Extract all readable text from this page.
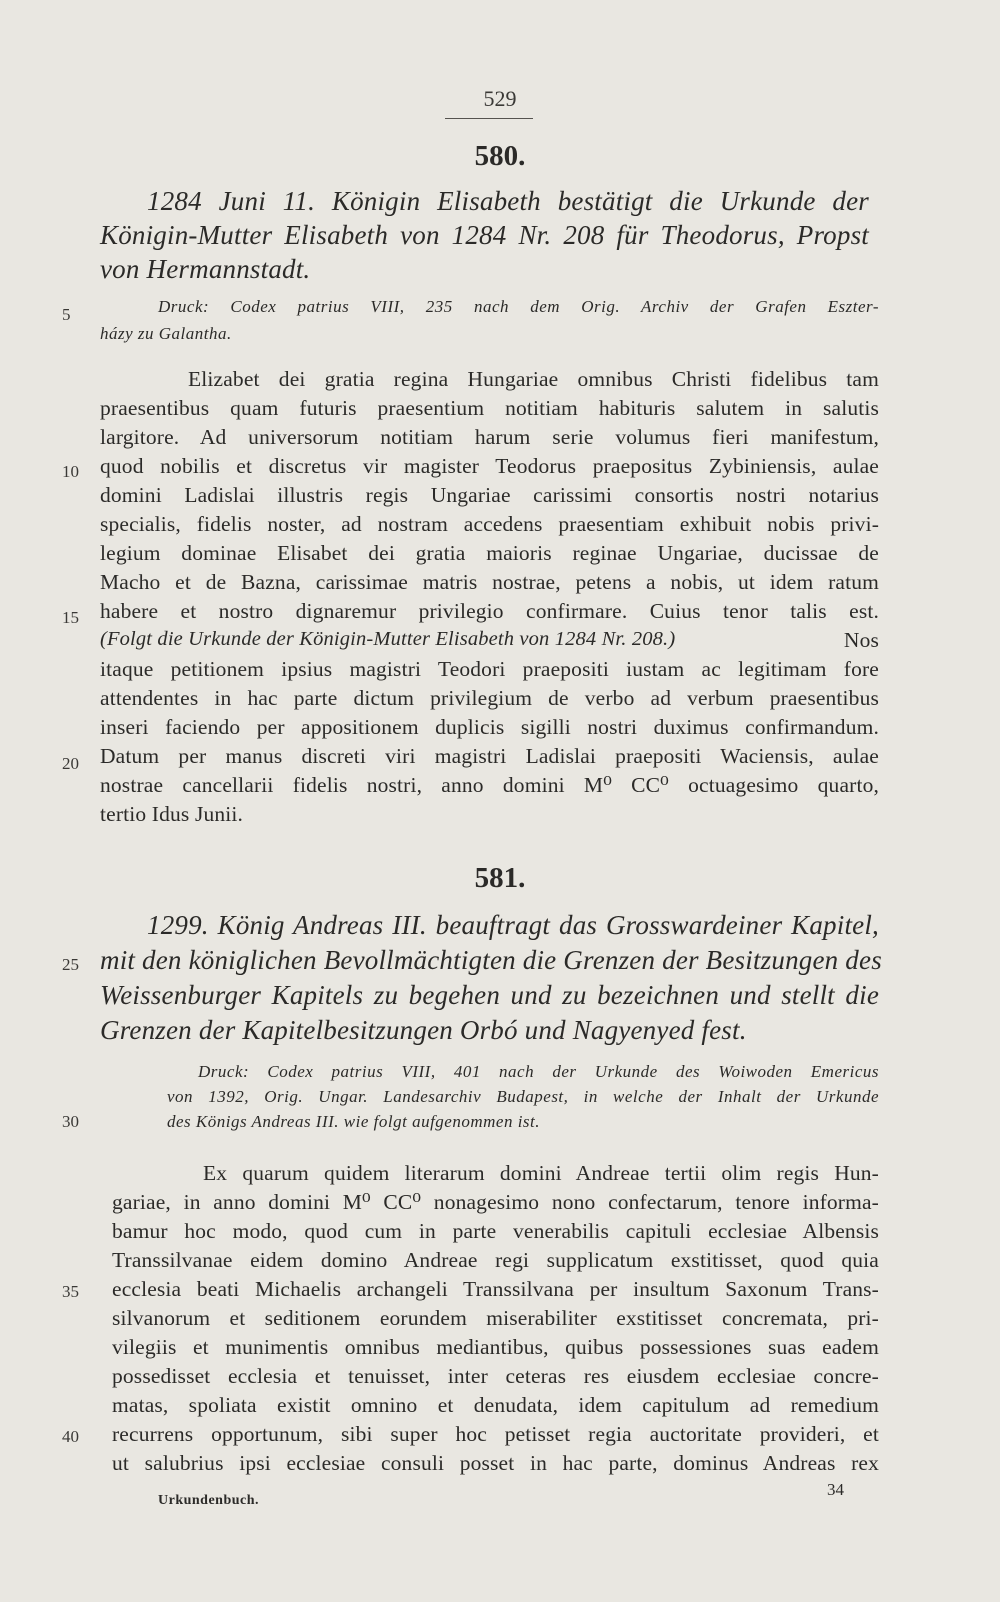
529
580.
1284 Juni 11. Königin Elisabeth bestätigt die Urkunde der
Königin-Mutter Elisabeth von 1284 Nr. 208 für Theodorus, Propst
von Hermannstadt.
Druck: Codex patrius VIII, 235 nach dem Orig. Archiv der Grafen Eszter-
házy zu Galantha.
Elizabet dei gratia regina Hungariae omnibus Christi fidelibus tam
praesentibus quam futuris praesentium notitiam habituris salutem in salutis
largitore. Ad universorum notitiam harum serie volumus fieri manifestum,
quod nobilis et discretus vir magister Teodorus praepositus Zybiniensis, aulae
domini Ladislai illustris regis Ungariae carissimi consortis nostri notarius
specialis, fidelis noster, ad nostram accedens praesentiam exhibuit nobis privi-
legium dominae Elisabet dei gratia maioris reginae Ungariae, ducissae de
Macho et de Bazna, carissimae matris nostrae, petens a nobis, ut idem ratum
habere et nostro dignaremur privilegio confirmare. Cuius tenor talis est.
(Folgt die Urkunde der Königin-Mutter Elisabeth von 1284 Nr. 208.)	Nos
itaque petitionem ipsius magistri Teodori praepositi iustam ac legitimam fore
attendentes in hac parte dictum privilegium de verbo ad verbum praesentibus
inseri faciendo per appositionem duplicis sigilli nostri duximus confirmandum.
Datum per manus discreti viri magistri Ladislai praepositi Waciensis, aulae
nostrae cancellarii fidelis nostri, anno domini M⁰ CC⁰ octuagesimo quarto,
tertio Idus Junii.
581.
1299. König Andreas III. beauftragt das Grosswardeiner Kapitel,
mit den königlichen Bevollmächtigten die Grenzen der Besitzungen des
Weissenburger Kapitels zu begehen und zu bezeichnen und stellt die
Grenzen der Kapitelbesitzungen Orbó und Nagyenyed fest.
Druck: Codex patrius VIII, 401 nach der Urkunde des Woiwoden Emericus
von 1392, Orig. Ungar. Landesarchiv Budapest, in welche der Inhalt der Urkunde
des Königs Andreas III. wie folgt aufgenommen ist.
Ex quarum quidem literarum domini Andreae tertii olim regis Hun-
gariae, in anno domini M⁰ CC⁰ nonagesimo nono confectarum, tenore informa-
bamur hoc modo, quod cum in parte venerabilis capituli ecclesiae Albensis
Transsilvanae eidem domino Andreae regi supplicatum exstitisset, quod quia
ecclesia beati Michaelis archangeli Transsilvana per insultum Saxonum Trans-
silvanorum et seditionem eorundem miserabiliter exstitisset concremata, pri-
vilegiis et munimentis omnibus mediantibus, quibus possessiones suas eadem
possedisset ecclesia et tenuisset, inter ceteras res eiusdem ecclesiae concre-
matas, spoliata existit omnino et denudata, idem capitulum ad remedium
recurrens opportunum, sibi super hoc petisset regia auctoritate provideri, et
ut salubrius ipsi ecclesiae consuli posset in hac parte, dominus Andreas rex
5
10
15
20
25
30
35
40
Urkundenbuch.
34
